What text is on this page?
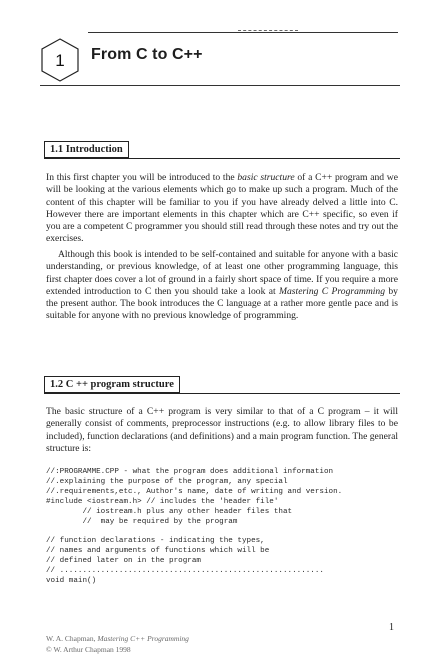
1 From C to C++
1.1 Introduction

In this first chapter you will be introduced to the basic structure of a C++ program and we will be looking at the various elements which go to make up such a program. Much of the content of this chapter will be familiar to you if you have already delved a little into C. However there are important elements in this chapter which are C++ specific, so even if you are a competent C programmer you should still read through these notes and try out the exercises.

Although this book is intended to be self-contained and suitable for anyone with a basic understanding, or previous knowledge, of at least one other programming language, this first chapter does cover a lot of ground in a fairly short space of time. If you require a more extended introduction to C then you should take a look at Mastering C Programming by the present author. The book introduces the C language at a rather more gentle pace and is suitable for anyone with no previous knowledge of programming.

1.2 C ++ program structure

The basic structure of a C++ program is very similar to that of a C program – it will generally consist of comments, preprocessor instructions (e.g. to allow library files to be included), function declarations (and definitions) and a main program function. The general structure is:

//:PROGRAMME.CPP - what the program does additional information
//.explaining the purpose of the program, any special
//.requirements,etc., Author's name, date of writing and version.
#include <iostream.h> // includes the 'header file'
// iostream.h plus any other header files that
//  may be required by the program

// function declarations - indicating the types,
// names and arguments of functions which will be
// defined later on in the program
// ..........................................................
void main()
1
W. A. Chapman, Mastering C++ Programming
© W. Arthur Chapman 1998
